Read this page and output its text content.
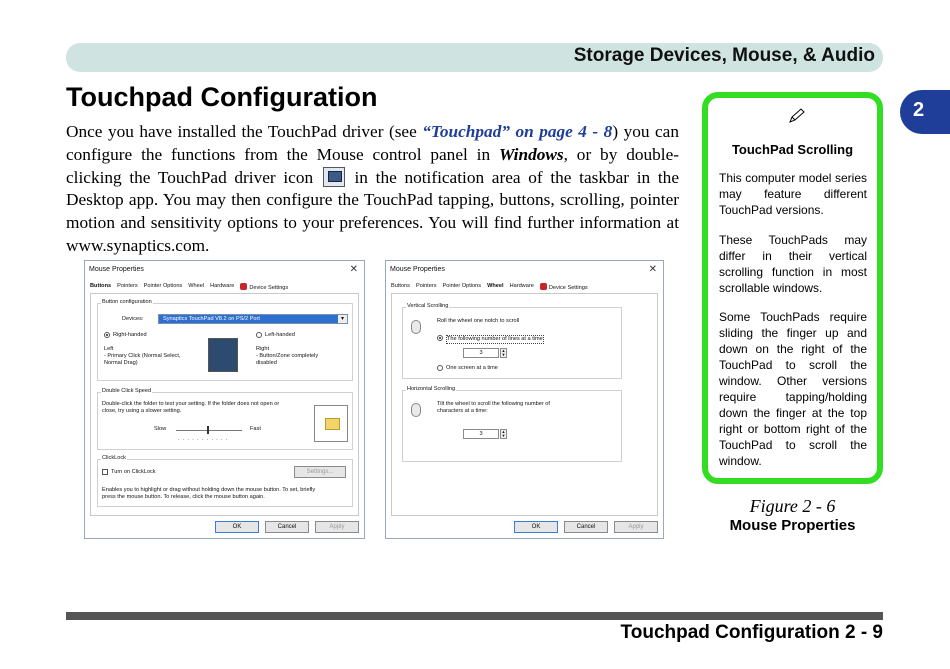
Storage Devices, Mouse, & Audio
2
Touchpad Configuration

Once you have installed the TouchPad driver (see “Touchpad” on page 4 - 8) you can configure the functions from the Mouse control panel in Windows, or by double-clicking the TouchPad driver icon  in the notification area of the taskbar in the Desktop app. You may then configure the TouchPad tapping, buttons, scrolling, pointer motion and sensitivity options to your preferences. You will find further information at www.synaptics.com.

Mouse Properties	✕
Buttons Pointers Pointer Options Wheel Hardware	Device Settings
Button configuration
Devices:	Synaptics TouchPad V8.2 on PS/2 Port	▾
Right-handed	Left-handed
Left
- Primary Click (Normal Select,
Normal Drag)
Right
- Button/Zone completely
disabled
Double Click Speed
Double-click the folder to test your setting. If the folder does not open or
close, try using a slower setting.
Slow	Fast
. . . . . . . . . . .
ClickLock
Turn on ClickLock	Settings...
Enables you to highlight or drag without holding down the mouse button. To set, briefly
press the mouse button. To release, click the mouse button again.
OK	Cancel	Apply
Mouse Properties	✕
Buttons Pointers Pointer Options Wheel Hardware	Device Settings
Vertical Scrolling
Roll the wheel one notch to scroll
The following number of lines at a time
3	▲
▼
One screen at a time
Horizontal Scrolling
Tilt the wheel to scroll the following number of
characters at a time:
3	▲
▼
OK	Cancel	Apply
TouchPad Scrolling

This computer model series may feature different TouchPad versions.

These TouchPads may differ in their vertical scrolling function in most scrollable windows.

Some TouchPads require sliding the finger up and down on the right of the TouchPad to scroll the window. Other versions require tapping/holding down the finger at the top right or bottom right of the TouchPad to scroll the window.

Figure 2 - 6
Mouse Properties
Touchpad Configuration 2 - 9
